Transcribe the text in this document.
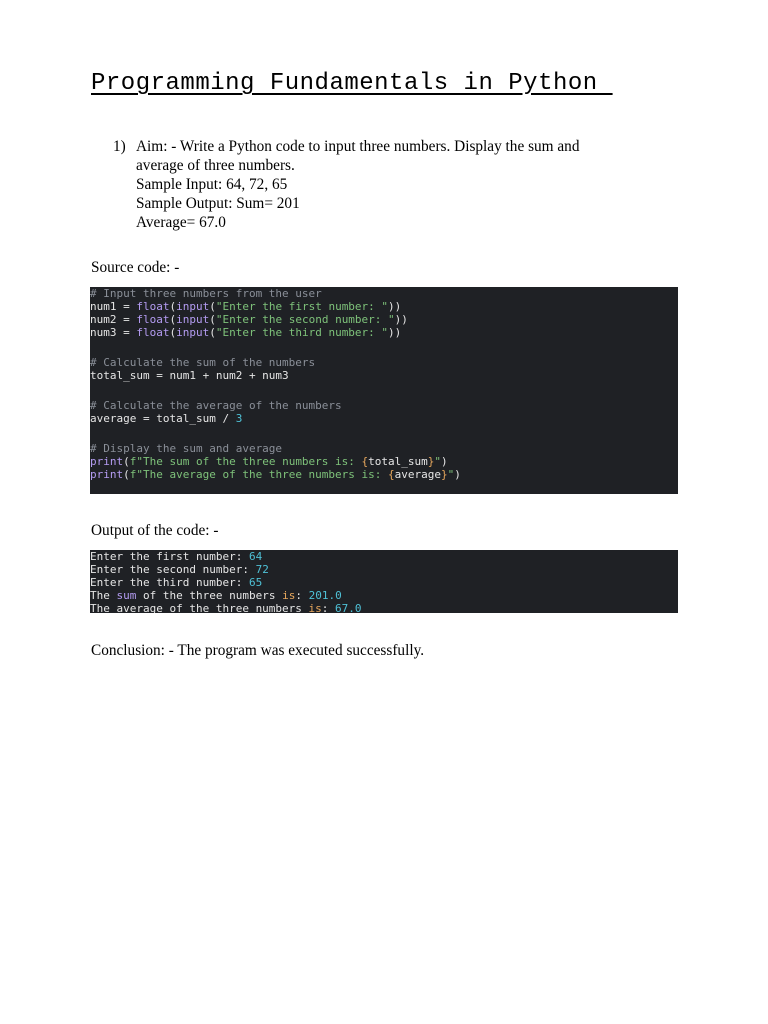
Programming Fundamentals in Python
1) Aim: - Write a Python code to input three numbers. Display the sum and
average of three numbers.
Sample Input: 64, 72, 65
Sample Output: Sum= 201
Average= 67.0
Source code: -
# Input three numbers from the user
num1 = float(input("Enter the first number: "))
num2 = float(input("Enter the second number: "))
num3 = float(input("Enter the third number: "))
# Calculate the sum of the numbers
total_sum = num1 + num2 + num3
# Calculate the average of the numbers
average = total_sum / 3
# Display the sum and average
print(f"The sum of the three numbers is: {total_sum}")
print(f"The average of the three numbers is: {average}")
Output of the code: -
Enter the first number: 64
Enter the second number: 72
Enter the third number: 65
The sum of the three numbers is: 201.0
The average of the three numbers is: 67.0
Conclusion: - The program was executed successfully.
